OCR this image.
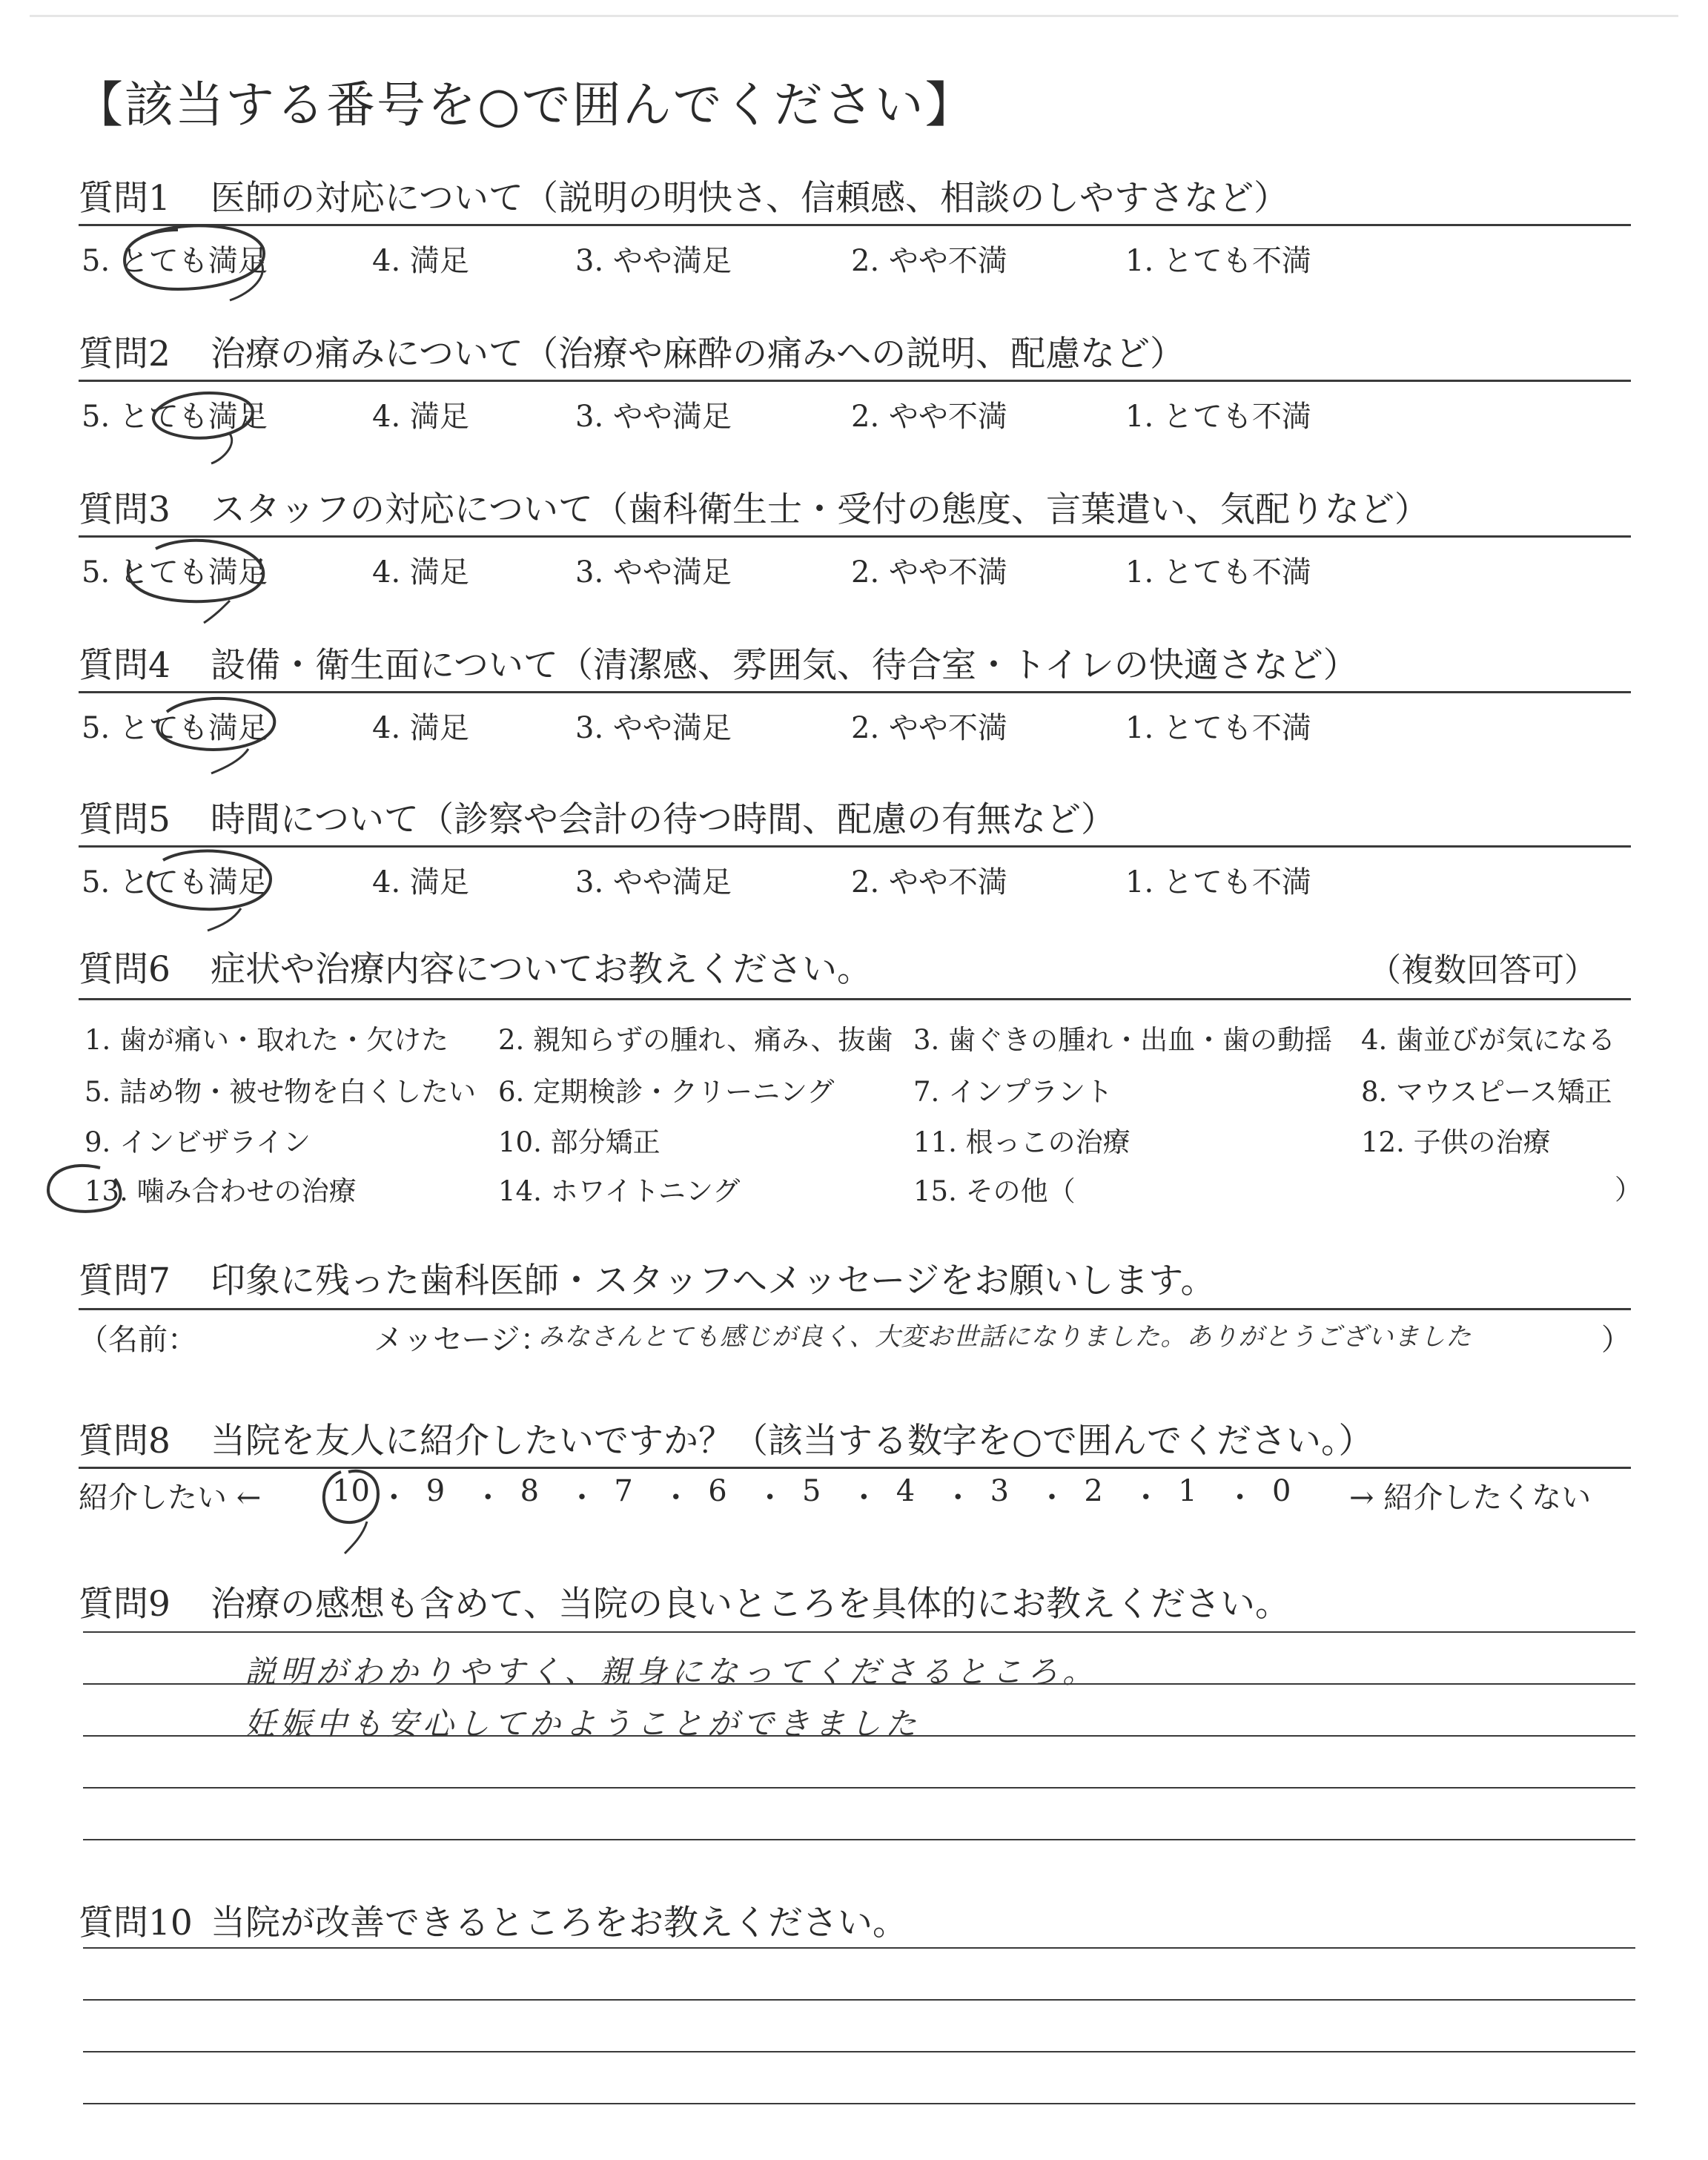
【該当する番号を○で囲んでください】
質問1 医師の対応について（説明の明快さ、信頼感、相談のしやすさなど）
5. とても満足	4. 満足	3. やや満足	2. やや不満	1. とても不満
質問2 治療の痛みについて（治療や麻酔の痛みへの説明、配慮など）
5. とても満足	4. 満足	3. やや満足	2. やや不満	1. とても不満
質問3 スタッフの対応について（歯科衛生士・受付の態度、言葉遣い、気配りなど）
5. とても満足	4. 満足	3. やや満足	2. やや不満	1. とても不満
質問4 設備・衛生面について（清潔感、雰囲気、待合室・トイレの快適さなど）
5. とても満足	4. 満足	3. やや満足	2. やや不満	1. とても不満
質問5 時間について（診察や会計の待つ時間、配慮の有無など）
5. とても満足	4. 満足	3. やや満足	2. やや不満	1. とても不満
質問6 症状や治療内容についてお教えください。	（複数回答可）
1. 歯が痛い・取れた・欠けた 2. 親知らずの腫れ、痛み、抜歯 3. 歯ぐきの腫れ・出血・歯の動揺 4. 歯並びが気になる
5. 詰め物・被せ物を白くしたい 6. 定期検診・クリーニング	7. インプラント	8. マウスピース矯正
9. インビザライン	10. 部分矯正	11. 根っこの治療	12. 子供の治療
13. 噛み合わせの治療	14. ホワイトニング	15. その他（	）
質問7 印象に残った歯科医師・スタッフへメッセージをお願いします。
（名前：	メッセージ：
みなさんとても感じが良く、大変お世話になりました。ありがとうございました	）
質問8 当院を友人に紹介したいですか？（該当する数字を○で囲んでください。）
紹介したい ← 10 ・ 9 ・ 8 ・ 7 ・ 6 ・ 5 ・ 4 ・ 3 ・ 2 ・ 1 ・ 0 → 紹介したくない
質問9 治療の感想も含めて、当院の良いところを具体的にお教えください。
説明がわかりやすく、親身になってくださるところ。
妊娠中も安心してかようことができました
質問10 当院が改善できるところをお教えください。
